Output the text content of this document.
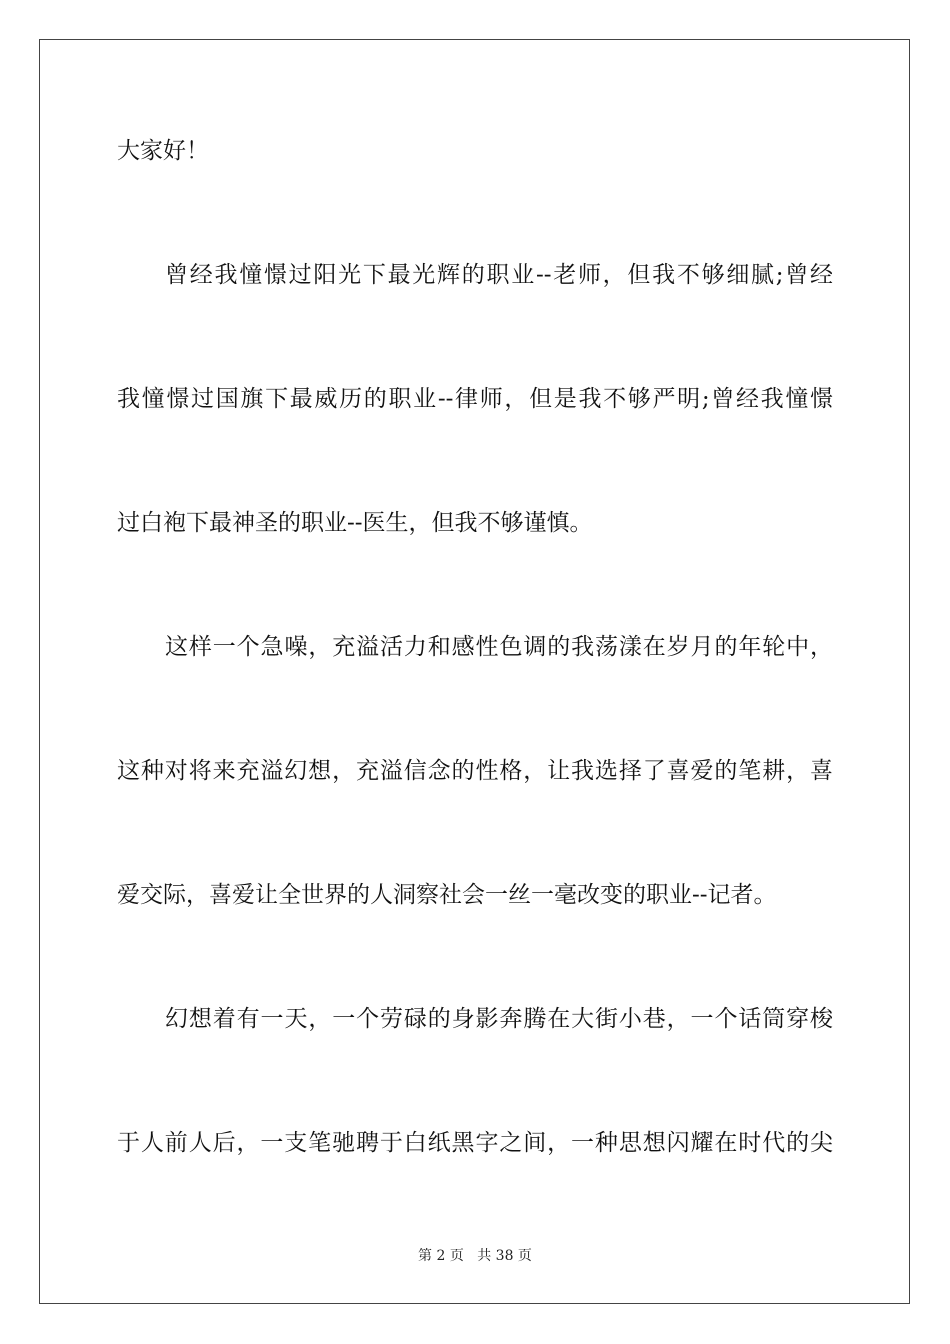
大家好！
曾经我憧憬过阳光下最光辉的职业--老师，但我不够细腻;曾经
我憧憬过国旗下最威历的职业--律师，但是我不够严明;曾经我憧憬
过白袍下最神圣的职业--医生，但我不够谨慎。
这样一个急噪，充溢活力和感性色调的我荡漾在岁月的年轮中，
这种对将来充溢幻想，充溢信念的性格，让我选择了喜爱的笔耕，喜
爱交际，喜爱让全世界的人洞察社会一丝一毫改变的职业--记者。
幻想着有一天，一个劳碌的身影奔腾在大街小巷，一个话筒穿梭
于人前人后，一支笔驰聘于白纸黑字之间，一种思想闪耀在时代的尖
第 2 页 共 38 页
